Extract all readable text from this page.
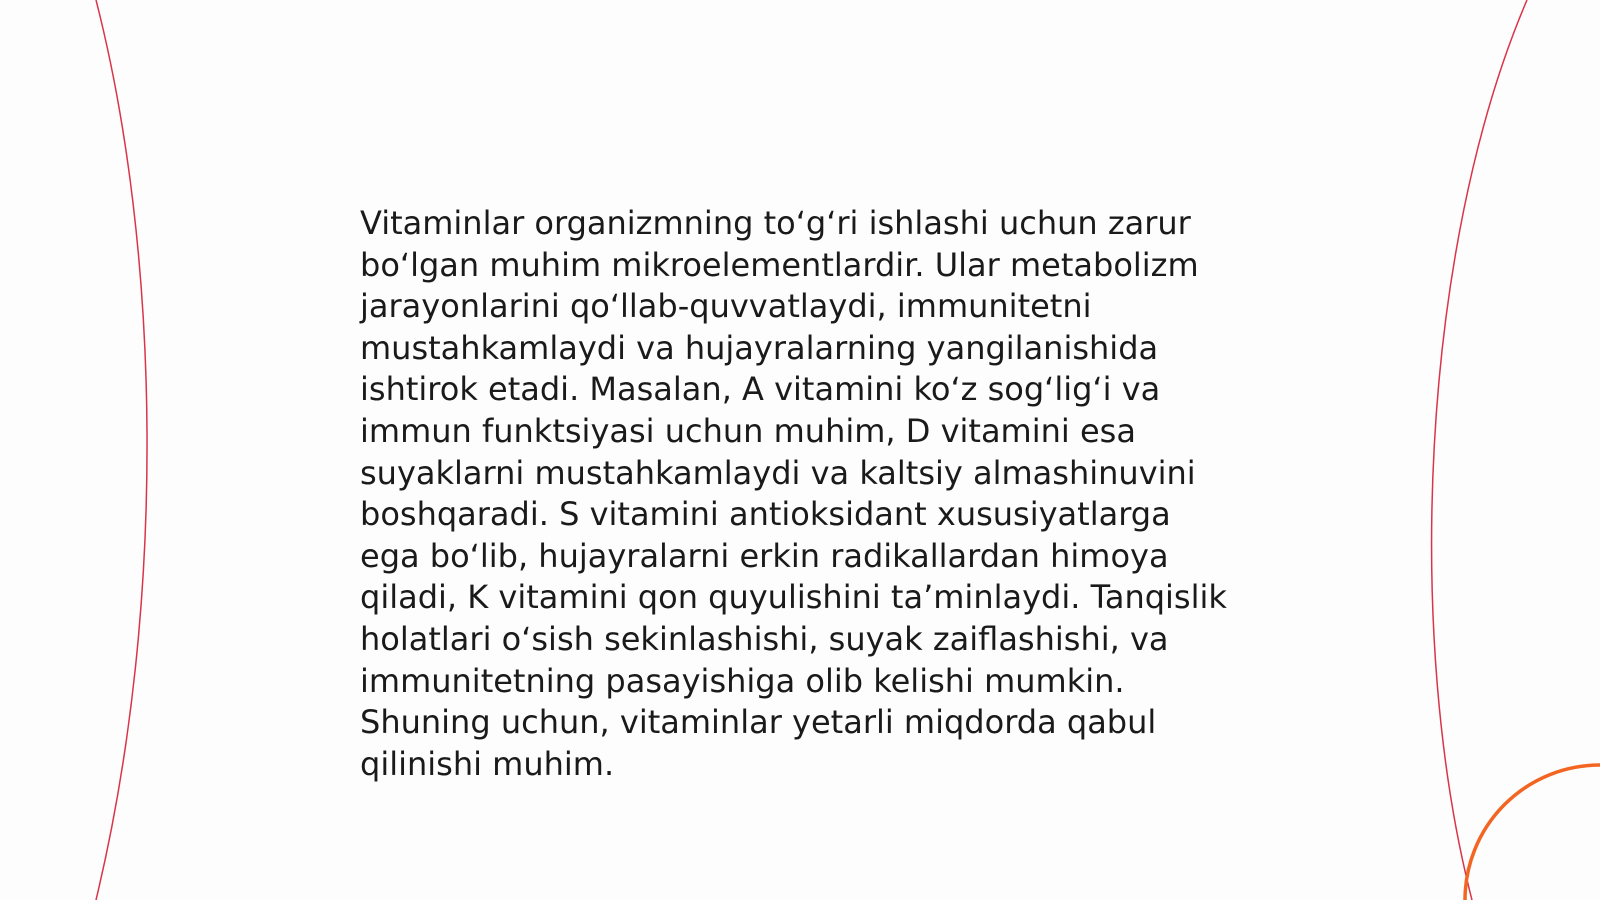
Vitaminlar organizmning to‘g‘ri ishlashi uchun zarur
bo‘lgan muhim mikroelementlardir. Ular metabolizm
jarayonlarini qo‘llab-quvvatlaydi, immunitetni
mustahkamlaydi va hujayralarning yangilanishida
ishtirok etadi. Masalan, A vitamini ko‘z sog‘lig‘i va
immun funktsiyasi uchun muhim, D vitamini esa
suyaklarni mustahkamlaydi va kaltsiy almashinuvini
boshqaradi. S vitamini antioksidant xususiyatlarga
ega bo‘lib, hujayralarni erkin radikallardan himoya
qiladi, K vitamini qon quyulishini ta’minlaydi. Tanqislik
holatlari o‘sish sekinlashishi, suyak zaiflashishi, va
immunitetning pasayishiga olib kelishi mumkin.
Shuning uchun, vitaminlar yetarli miqdorda qabul
qilinishi muhim.
